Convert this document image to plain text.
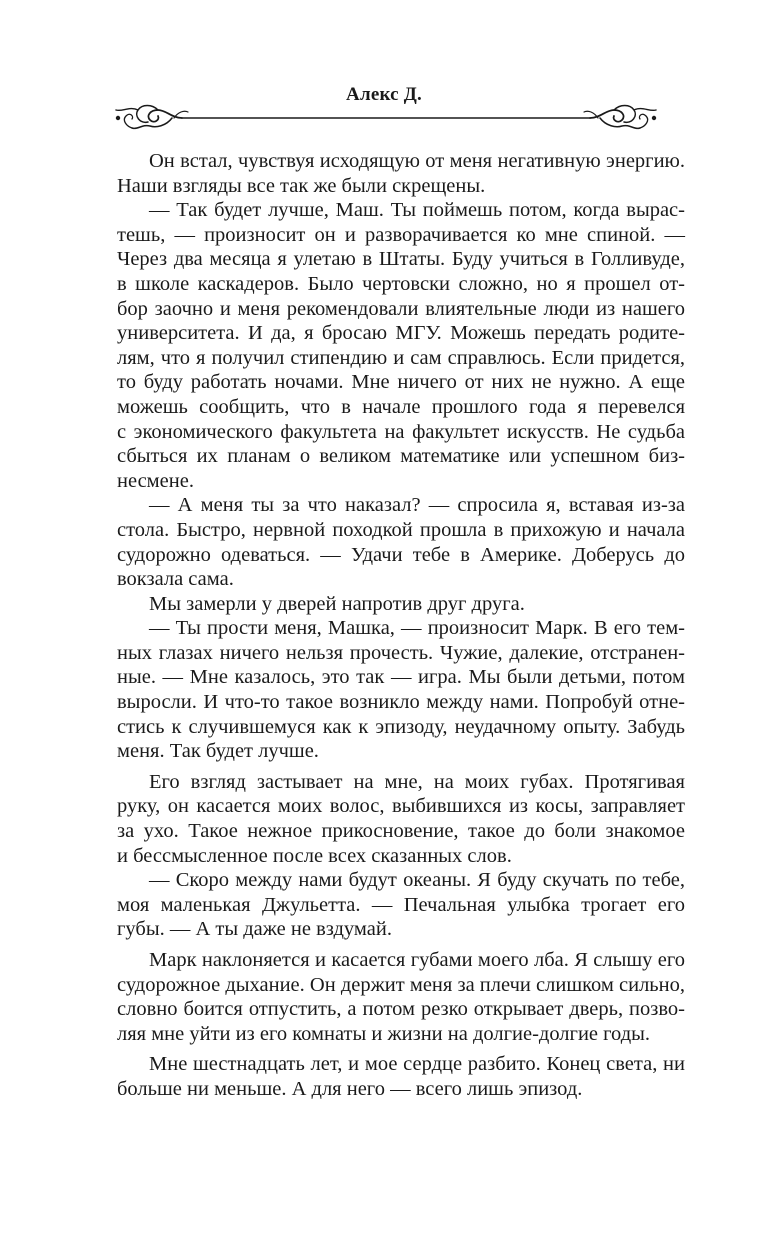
Алекс Д.
Он встал, чувствуя исходящую от меня негативную энергию.
Наши взгляды все так же были скрещены.
— Так будет лучше, Маш. Ты поймешь потом, когда вырас-
тешь, — произносит он и разворачивается ко мне спиной. —
Через два месяца я улетаю в Штаты. Буду учиться в Голливуде,
в школе каскадеров. Было чертовски сложно, но я прошел от-
бор заочно и меня рекомендовали влиятельные люди из нашего
университета. И да, я бросаю МГУ. Можешь передать родите-
лям, что я получил стипендию и сам справлюсь. Если придется,
то буду работать ночами. Мне ничего от них не нужно. А еще
можешь сообщить, что в начале прошлого года я перевелся
с экономического факультета на факультет искусств. Не судьба
сбыться их планам о великом математике или успешном биз-
несмене.
— А меня ты за что наказал? — спросила я, вставая из-за
стола. Быстро, нервной походкой прошла в прихожую и начала
судорожно одеваться. — Удачи тебе в Америке. Доберусь до
вокзала сама.
Мы замерли у дверей напротив друг друга.
— Ты прости меня, Машка, — произносит Марк. В его тем-
ных глазах ничего нельзя прочесть. Чужие, далекие, отстранен-
ные. — Мне казалось, это так — игра. Мы были детьми, потом
выросли. И что-то такое возникло между нами. Попробуй отне-
стись к случившемуся как к эпизоду, неудачному опыту. Забудь
меня. Так будет лучше.
Его взгляд застывает на мне, на моих губах. Протягивая
руку, он касается моих волос, выбившихся из косы, заправляет
за ухо. Такое нежное прикосновение, такое до боли знакомое
и бессмысленное после всех сказанных слов.
— Скоро между нами будут океаны. Я буду скучать по тебе,
моя маленькая Джульетта. — Печальная улыбка трогает его
губы. — А ты даже не вздумай.
Марк наклоняется и касается губами моего лба. Я слышу его
судорожное дыхание. Он держит меня за плечи слишком сильно,
словно боится отпустить, а потом резко открывает дверь, позво-
ляя мне уйти из его комнаты и жизни на долгие-долгие годы.
Мне шестнадцать лет, и мое сердце разбито. Конец света, ни
больше ни меньше. А для него — всего лишь эпизод.
